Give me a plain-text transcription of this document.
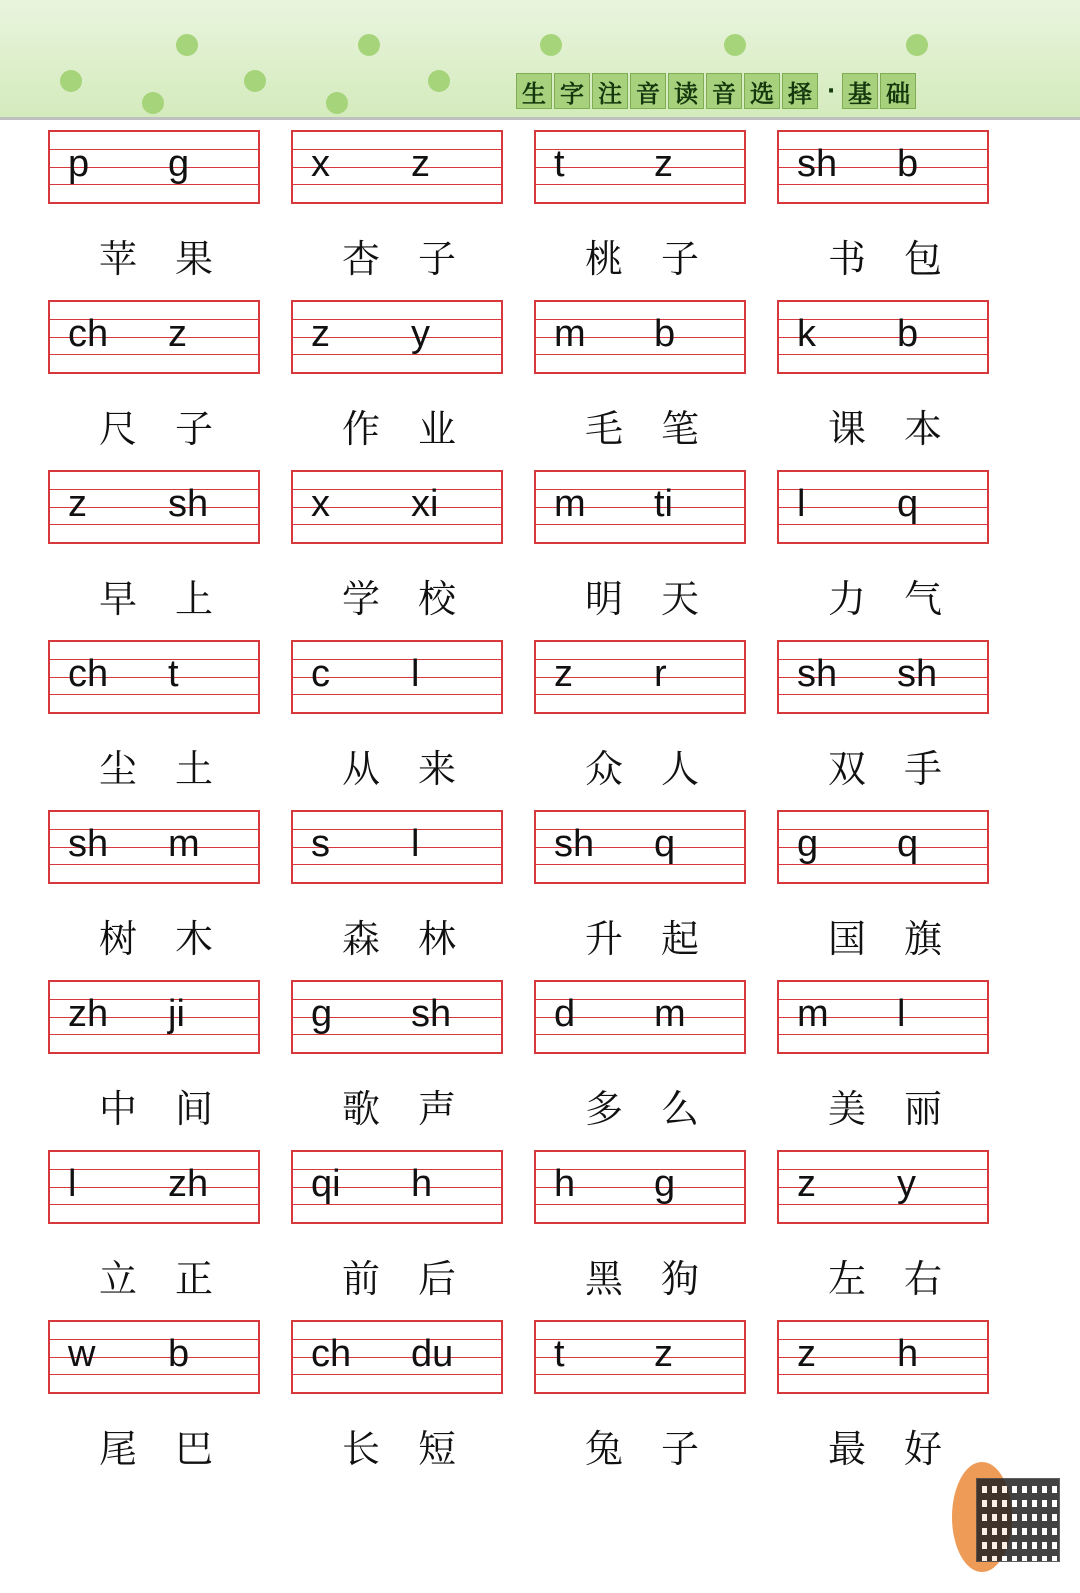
生 字 注 音 读 音 选 择 · 基 础
p g
苹 果
x z
杏 子
t z
桃 子
sh b
书 包
ch z
尺 子
z y
作 业
m b
毛 笔
k b
课 本
z sh
早 上
x xi
学 校
m ti
明 天
l q
力 气
ch t
尘 土
c l
从 来
z r
众 人
sh sh
双 手
sh m
树 木
s l
森 林
sh q
升 起
g q
国 旗
zh ji
中 间
g sh
歌 声
d m
多 么
m l
美 丽
l zh
立 正
qi h
前 后
h g
黑 狗
z y
左 右
w b
尾 巴
ch du
长 短
t z
兔 子
z h
最 好
